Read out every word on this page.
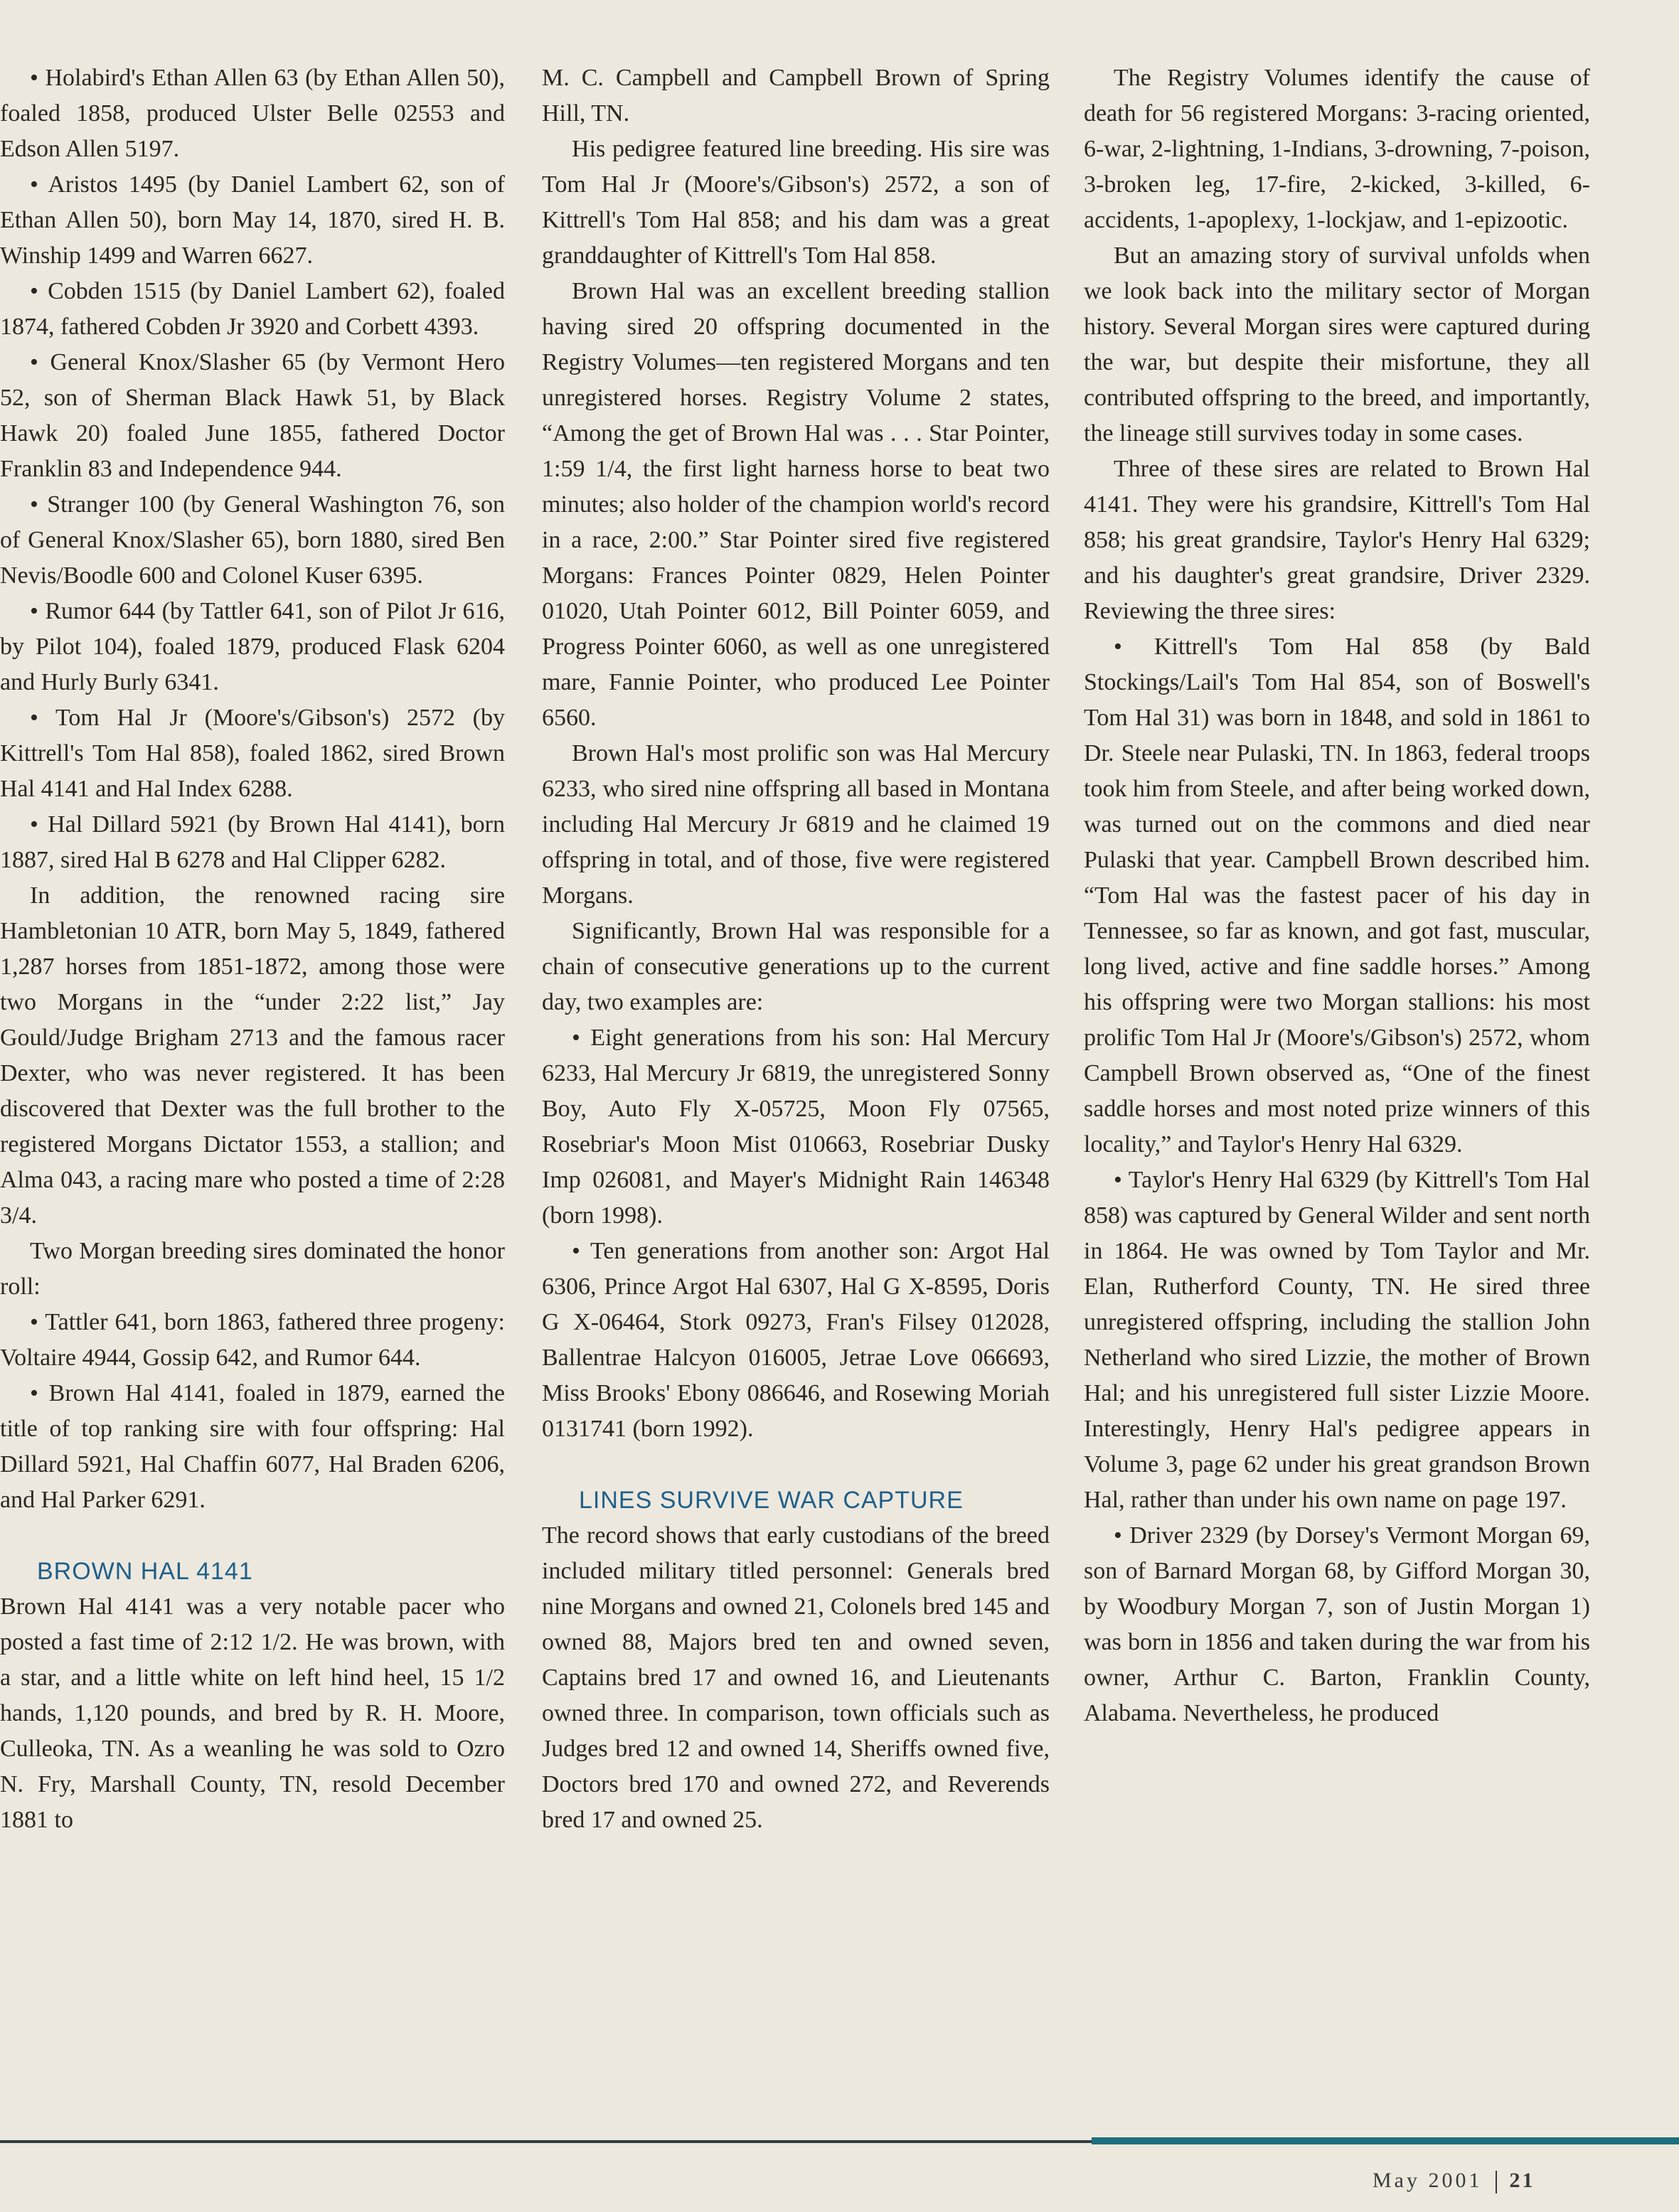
• Holabird's Ethan Allen 63 (by Ethan Allen 50), foaled 1858, produced Ulster Belle 02553 and Edson Allen 5197.

• Aristos 1495 (by Daniel Lambert 62, son of Ethan Allen 50), born May 14, 1870, sired H. B. Winship 1499 and Warren 6627.

• Cobden 1515 (by Daniel Lambert 62), foaled 1874, fathered Cobden Jr 3920 and Corbett 4393.

• General Knox/Slasher 65 (by Vermont Hero 52, son of Sherman Black Hawk 51, by Black Hawk 20) foaled June 1855, fathered Doctor Franklin 83 and Independence 944.

• Stranger 100 (by General Washington 76, son of General Knox/Slasher 65), born 1880, sired Ben Nevis/Boodle 600 and Colonel Kuser 6395.

• Rumor 644 (by Tattler 641, son of Pilot Jr 616, by Pilot 104), foaled 1879, produced Flask 6204 and Hurly Burly 6341.

• Tom Hal Jr (Moore's/Gibson's) 2572 (by Kittrell's Tom Hal 858), foaled 1862, sired Brown Hal 4141 and Hal Index 6288.

• Hal Dillard 5921 (by Brown Hal 4141), born 1887, sired Hal B 6278 and Hal Clipper 6282.

In addition, the renowned racing sire Hambletonian 10 ATR, born May 5, 1849, fathered 1,287 horses from 1851-1872, among those were two Morgans in the “under 2:22 list,” Jay Gould/Judge Brigham 2713 and the famous racer Dexter, who was never registered. It has been discovered that Dexter was the full brother to the registered Morgans Dictator 1553, a stallion; and Alma 043, a racing mare who posted a time of 2:28 3/4.

Two Morgan breeding sires dominated the honor roll:

• Tattler 641, born 1863, fathered three progeny: Voltaire 4944, Gossip 642, and Rumor 644.

• Brown Hal 4141, foaled in 1879, earned the title of top ranking sire with four offspring: Hal Dillard 5921, Hal Chaffin 6077, Hal Braden 6206, and Hal Parker 6291.

BROWN HAL 4141

Brown Hal 4141 was a very notable pacer who posted a fast time of 2:12 1/2. He was brown, with a star, and a little white on left hind heel, 15 1/2 hands, 1,120 pounds, and bred by R. H. Moore, Culleoka, TN. As a weanling he was sold to Ozro N. Fry, Marshall County, TN, resold December 1881 to

M. C. Campbell and Campbell Brown of Spring Hill, TN.

His pedigree featured line breeding. His sire was Tom Hal Jr (Moore's/Gibson's) 2572, a son of Kittrell's Tom Hal 858; and his dam was a great granddaughter of Kittrell's Tom Hal 858.

Brown Hal was an excellent breeding stallion having sired 20 offspring documented in the Registry Volumes—ten registered Morgans and ten unregistered horses. Registry Volume 2 states, “Among the get of Brown Hal was . . . Star Pointer, 1:59 1/4, the first light harness horse to beat two minutes; also holder of the champion world's record in a race, 2:00.” Star Pointer sired five registered Morgans: Frances Pointer 0829, Helen Pointer 01020, Utah Pointer 6012, Bill Pointer 6059, and Progress Pointer 6060, as well as one unregistered mare, Fannie Pointer, who produced Lee Pointer 6560.

Brown Hal's most prolific son was Hal Mercury 6233, who sired nine offspring all based in Montana including Hal Mercury Jr 6819 and he claimed 19 offspring in total, and of those, five were registered Morgans.

Significantly, Brown Hal was responsible for a chain of consecutive generations up to the current day, two examples are:

• Eight generations from his son: Hal Mercury 6233, Hal Mercury Jr 6819, the unregistered Sonny Boy, Auto Fly X-05725, Moon Fly 07565, Rosebriar's Moon Mist 010663, Rosebriar Dusky Imp 026081, and Mayer's Midnight Rain 146348 (born 1998).

• Ten generations from another son: Argot Hal 6306, Prince Argot Hal 6307, Hal G X-8595, Doris G X-06464, Stork 09273, Fran's Filsey 012028, Ballentrae Halcyon 016005, Jetrae Love 066693, Miss Brooks' Ebony 086646, and Rosewing Moriah 0131741 (born 1992).

LINES SURVIVE WAR CAPTURE

The record shows that early custodians of the breed included military titled personnel: Generals bred nine Morgans and owned 21, Colonels bred 145 and owned 88, Majors bred ten and owned seven, Captains bred 17 and owned 16, and Lieutenants owned three. In comparison, town officials such as Judges bred 12 and owned 14, Sheriffs owned five, Doctors bred 170 and owned 272, and Reverends bred 17 and owned 25.

The Registry Volumes identify the cause of death for 56 registered Morgans: 3-racing oriented, 6-war, 2-lightning, 1-Indians, 3-drowning, 7-poison, 3-broken leg, 17-fire, 2-kicked, 3-killed, 6-accidents, 1-apoplexy, 1-lockjaw, and 1-epizootic.

But an amazing story of survival unfolds when we look back into the military sector of Morgan history. Several Morgan sires were captured during the war, but despite their misfortune, they all contributed offspring to the breed, and importantly, the lineage still survives today in some cases.

Three of these sires are related to Brown Hal 4141. They were his grandsire, Kittrell's Tom Hal 858; his great grandsire, Taylor's Henry Hal 6329; and his daughter's great grandsire, Driver 2329. Reviewing the three sires:

• Kittrell's Tom Hal 858 (by Bald Stockings/Lail's Tom Hal 854, son of Boswell's Tom Hal 31) was born in 1848, and sold in 1861 to Dr. Steele near Pulaski, TN. In 1863, federal troops took him from Steele, and after being worked down, was turned out on the commons and died near Pulaski that year. Campbell Brown described him. “Tom Hal was the fastest pacer of his day in Tennessee, so far as known, and got fast, muscular, long lived, active and fine saddle horses.” Among his offspring were two Morgan stallions: his most prolific Tom Hal Jr (Moore's/Gibson's) 2572, whom Campbell Brown observed as, “One of the finest saddle horses and most noted prize winners of this locality,” and Taylor's Henry Hal 6329.

• Taylor's Henry Hal 6329 (by Kittrell's Tom Hal 858) was captured by General Wilder and sent north in 1864. He was owned by Tom Taylor and Mr. Elan, Rutherford County, TN. He sired three unregistered offspring, including the stallion John Netherland who sired Lizzie, the mother of Brown Hal; and his unregistered full sister Lizzie Moore. Interestingly, Henry Hal's pedigree appears in Volume 3, page 62 under his great grandson Brown Hal, rather than under his own name on page 197.

• Driver 2329 (by Dorsey's Vermont Morgan 69, son of Barnard Morgan 68, by Gifford Morgan 30, by Woodbury Morgan 7, son of Justin Morgan 1) was born in 1856 and taken during the war from his owner, Arthur C. Barton, Franklin County, Alabama. Nevertheless, he produced

May 2001 21
